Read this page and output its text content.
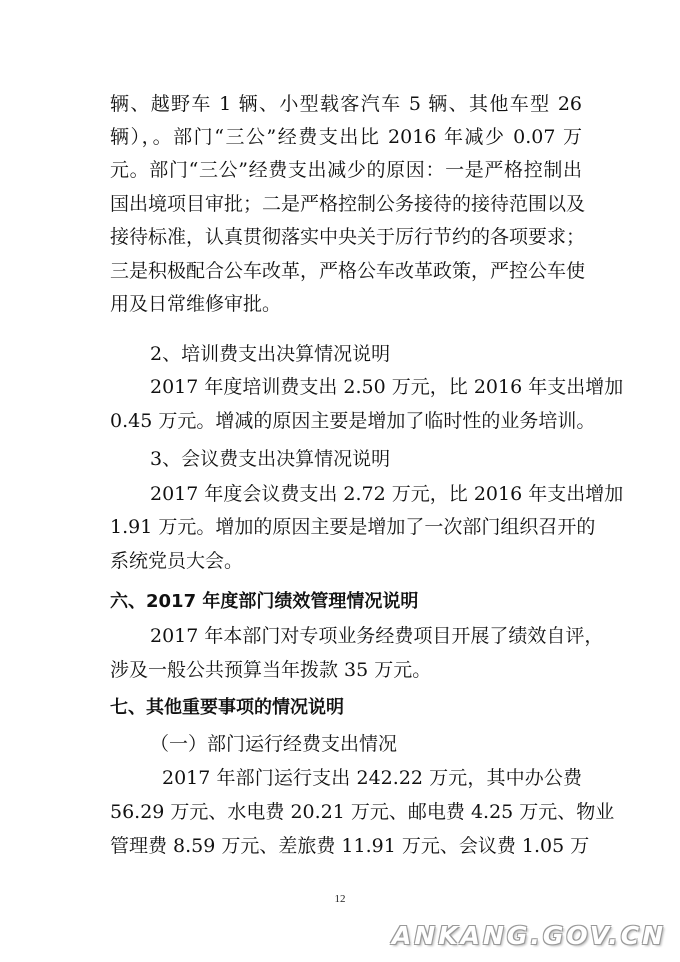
辆、越野车 1 辆、小型载客汽车 5 辆、其他车型 26
辆），。部门“三公”经费支出比 2016 年减少 0.07 万
元。部门“三公”经费支出减少的原因：一是严格控制出
国出境项目审批；二是严格控制公务接待的接待范围以及
接待标准，认真贯彻落实中央关于厉行节约的各项要求；
三是积极配合公车改革，严格公车改革政策，严控公车使
用及日常维修审批。
2、培训费支出决算情况说明
2017 年度培训费支出 2.50 万元，比 2016 年支出增加
0.45 万元。增减的原因主要是增加了临时性的业务培训。
3、会议费支出决算情况说明
2017 年度会议费支出 2.72 万元，比 2016 年支出增加
1.91 万元。增加的原因主要是增加了一次部门组织召开的
系统党员大会。
六、2017 年度部门绩效管理情况说明
2017 年本部门对专项业务经费项目开展了绩效自评，
涉及一般公共预算当年拨款 35 万元。
七、其他重要事项的情况说明
（一）部门运行经费支出情况
2017 年部门运行支出 242.22 万元，其中办公费
56.29 万元、水电费 20.21 万元、邮电费 4.25 万元、物业
管理费 8.59 万元、差旅费 11.91 万元、会议费 1.05 万
12
ANKANG.GOV.CN
